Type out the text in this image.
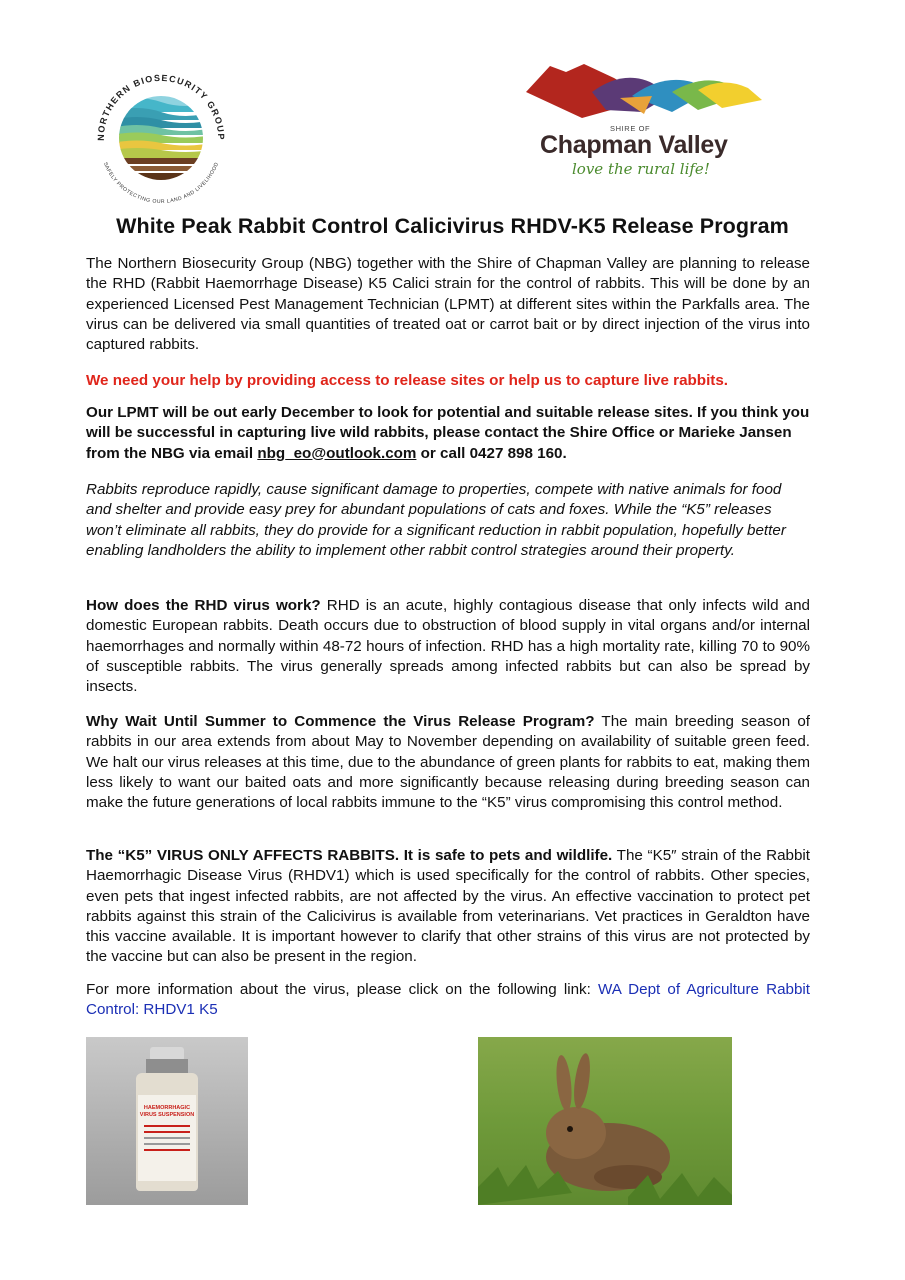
NORTHERN BIOSECURITY GROUP
SAFELY PROTECTING OUR LAND AND LIVELIHOOD
SHIRE OF
Chapman Valley
love the rural life!
White Peak Rabbit Control Calicivirus RHDV-K5 Release Program

The Northern Biosecurity Group (NBG) together with the Shire of Chapman Valley are planning to release the RHD (Rabbit Haemorrhage Disease) K5 Calici strain for the control of rabbits. This will be done by an experienced Licensed Pest Management Technician (LPMT) at different sites within the Parkfalls area. The virus can be delivered via small quantities of treated oat or carrot bait or by direct injection of the virus into captured rabbits.

We need your help by providing access to release sites or help us to capture live rabbits.

Our LPMT will be out early December to look for potential and suitable release sites. If you think you will be successful in capturing live wild rabbits, please contact the Shire Office or Marieke Jansen from the NBG via email nbg_eo@outlook.com or call 0427 898 160.

Rabbits reproduce rapidly, cause significant damage to properties, compete with native animals for food and shelter and provide easy prey for abundant populations of cats and foxes. While the “K5” releases won’t eliminate all rabbits, they do provide for a significant reduction in rabbit population, hopefully better enabling landholders the ability to implement other rabbit control strategies around their property.

How does the RHD virus work? RHD is an acute, highly contagious disease that only infects wild and domestic European rabbits. Death occurs due to obstruction of blood supply in vital organs and/or internal haemorrhages and normally within 48-72 hours of infection. RHD has a high mortality rate, killing 70 to 90% of susceptible rabbits. The virus generally spreads among infected rabbits but can also be spread by insects.

Why Wait Until Summer to Commence the Virus Release Program? The main breeding season of rabbits in our area extends from about May to November depending on availability of suitable green feed. We halt our virus releases at this time, due to the abundance of green plants for rabbits to eat, making them less likely to want our baited oats and more significantly because releasing during breeding season can make the future generations of local rabbits immune to the “K5” virus compromising this control method.

The “K5” VIRUS ONLY AFFECTS RABBITS. It is safe to pets and wildlife. The “K5″ strain of the Rabbit Haemorrhagic Disease Virus (RHDV1) which is used specifically for the control of rabbits. Other species, even pets that ingest infected rabbits, are not affected by the virus. An effective vaccination to protect pet rabbits against this strain of the Calicivirus is available from veterinarians. Vet practices in Geraldton have this vaccine available. It is important however to clarify that other strains of this virus are not protected by the vaccine but can also be present in the region.

For more information about the virus, please click on the following link: WA Dept of Agriculture Rabbit Control: RHDV1 K5

HAEMORRHAGIC
VIRUS SUSPENSION
